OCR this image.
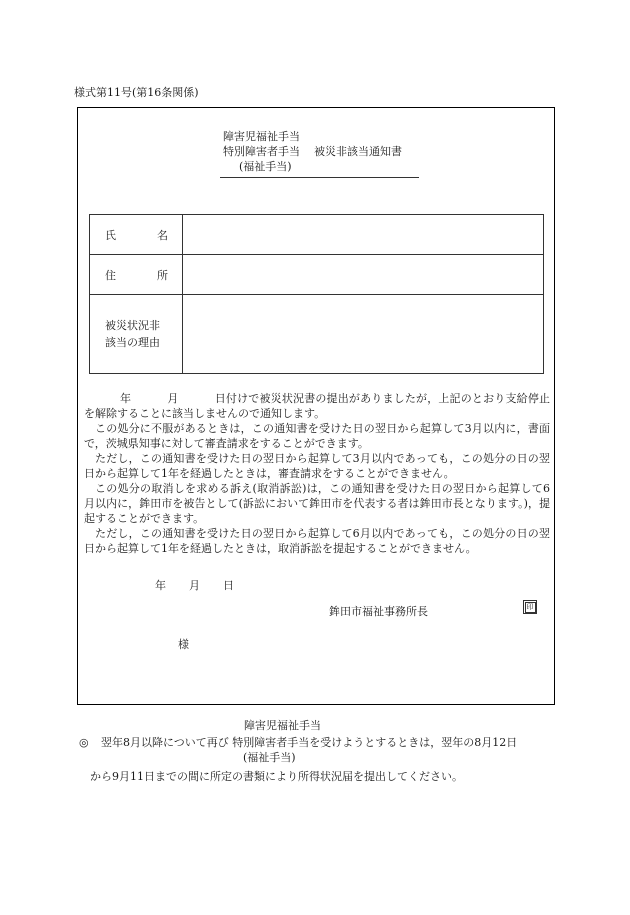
様式第11号(第16条関係)
障害児福祉手当
特別障害者手当 被災非該当通知書
(福祉手当)
氏 名	

住 所	

被災状況非
該当の理由	

年	月	日付けで被災状況書の提出がありましたが，上記のとおり支給停止を解除することに該当しませんので通知します。

この処分に不服があるときは，この通知書を受けた日の翌日から起算して3月以内に，書面で，茨城県知事に対して審査請求をすることができます。

ただし，この通知書を受けた日の翌日から起算して3月以内であっても，この処分の日の翌日から起算して1年を経過したときは，審査請求をすることができません。

この処分の取消しを求める訴え(取消訴訟)は，この通知書を受けた日の翌日から起算して6月以内に，鉾田市を被告として(訴訟において鉾田市を代表する者は鉾田市長となります。)，提起することができます。

ただし，この通知書を受けた日の翌日から起算して6月以内であっても，この処分の日の翌日から起算して1年を経過したときは，取消訴訟を提起することができません。

年	月	日
鉾田市福祉事務所長	印
様
障害児福祉手当
◎ 翌年8月以降について再び 特別障害者手当を受けようとするときは，翌年の8月12日
(福祉手当)
から9月11日までの間に所定の書類により所得状況届を提出してください。
